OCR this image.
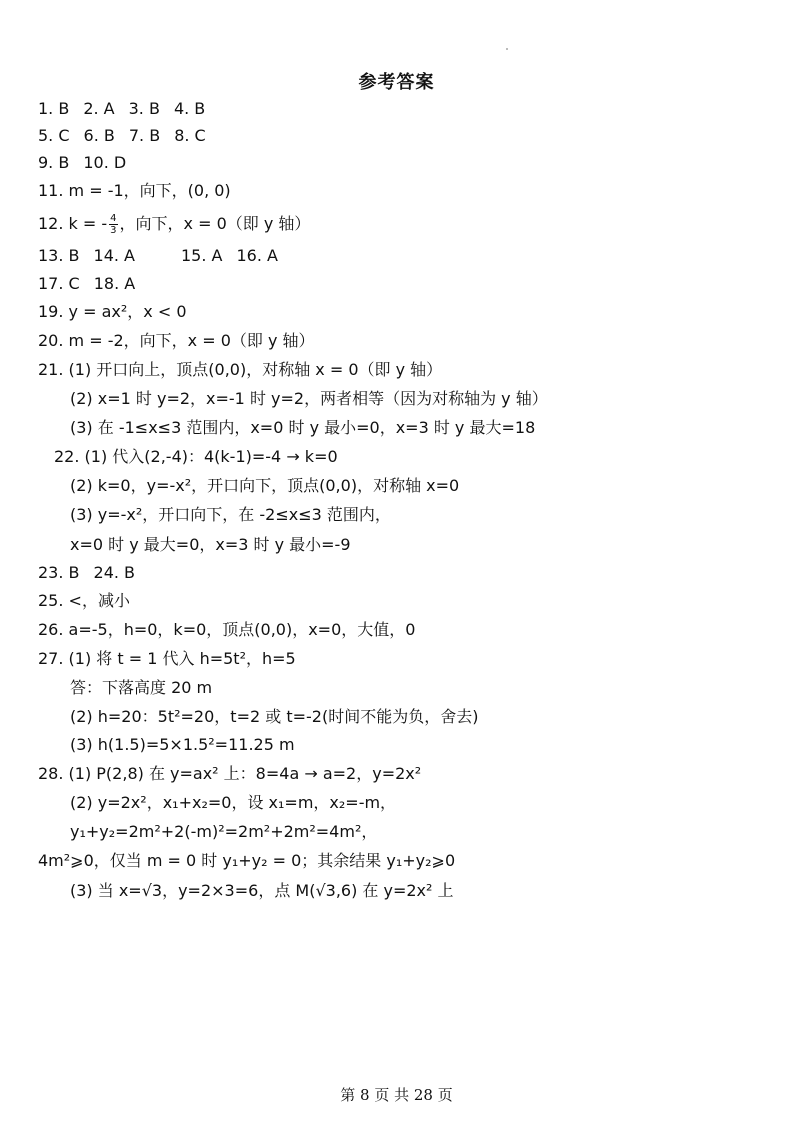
参考答案
1. B 2. A 3. B 4. B
5. C 6. B 7. B 8. C
9. B 10. D
11. m = -1，向下，(0, 0)
12. k = - $\frac{4}{3}$ ，向下，x = 0（即 y 轴）
13. B 14. A	15. A 16. A
17. C 18. A
19. y = ax²，x < 0
20. m = -2，向下，x = 0（即 y 轴）
21. (1) 开口向上，顶点(0,0)，对称轴 x = 0（即 y 轴）
(2) x=1 时 y=2，x=-1 时 y=2，两者相等（因为对称轴为 y 轴）
(3) 在 -1≤x≤3 范围内，x=0 时 y 最小=0，x=3 时 y 最大=18
22. (1) 代入(2,-4)：4(k-1)=-4 → k=0
(2) k=0，y=-x²，开口向下，顶点(0,0)，对称轴 x=0
(3) y=-x²，开口向下，在 -2≤x≤3 范围内，
x=0 时 y 最大=0，x=3 时 y 最小=-9
23. B 24. B
25. <，减小
26. a=-5，h=0，k=0，顶点(0,0)，x=0，大值，0
27. (1) 将 t = 1 代入 h=5t²，h=5
答：下落高度 20 m
(2) h=20：5t²=20，t=2 或 t=-2(时间不能为负，舍去)
(3) h(1.5)=5×1.5²=11.25 m
28. (1) P(2,8) 在 y=ax² 上：8=4a → a=2，y=2x²
(2) y=2x²，x₁+x₂=0，设 x₁=m，x₂=-m，
y₁+y₂=2m²+2(-m)²=2m²+2m²=4m²，
4m²⩾0，仅当 m = 0 时 y₁+y₂ = 0；其余结果 y₁+y₂⩾0
(3) 当 x=√3，y=2×3=6，点 M(√3,6) 在 y=2x² 上
第 8 页 共 28 页
